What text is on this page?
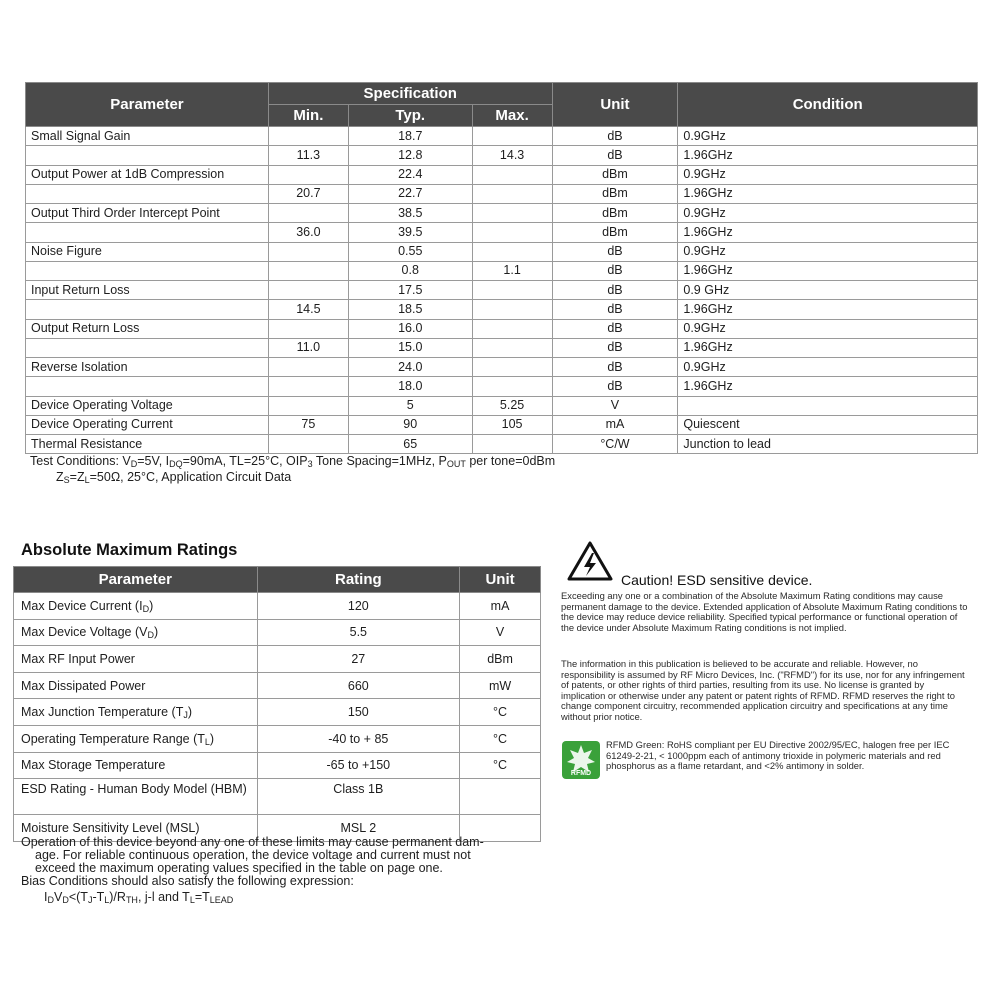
Parameter	Specification			Unit	Condition
	Min.	Typ.	Max.		
Small Signal Gain		18.7		dB	0.9GHz
	11.3	12.8	14.3	dB	1.96GHz
Output Power at 1dB Compression		22.4		dBm	0.9GHz
	20.7	22.7		dBm	1.96GHz
Output Third Order Intercept Point		38.5		dBm	0.9GHz
	36.0	39.5		dBm	1.96GHz
Noise Figure		0.55		dB	0.9GHz
		0.8	1.1	dB	1.96GHz
Input Return Loss		17.5		dB	0.9 GHz
	14.5	18.5		dB	1.96GHz
Output Return Loss		16.0		dB	0.9GHz
	11.0	15.0		dB	1.96GHz
Reverse Isolation		24.0		dB	0.9GHz
		18.0		dB	1.96GHz
Device Operating Voltage		5	5.25	V	
Device Operating Current	75	90	105	mA	Quiescent
Thermal Resistance		65		°C/W	Junction to lead
Test Conditions: $V_D=5V$, $I_{DQ}=90mA$, TL=25°C, $OIP_3$ Tone Spacing=1MHz, $P_{OUT}$ per tone=0dBm
$Z_S=Z_L=50\Omega$, 25°C, Application Circuit Data
Absolute Maximum Ratings
Parameter	Rating	Unit
Max Device Current $(I_D)$	120	mA
Max Device Voltage $(V_D)$	5.5	V
Max RF Input Power	27	dBm
Max Dissipated Power	660	mW
Max Junction Temperature $(T_J)$	150	°C
Operating Temperature Range $(T_L)$	-40 to + 85	°C
Max Storage Temperature	-65 to +150	°C
ESD Rating - Human Body Model (HBM)	Class 1B	
Moisture Sensitivity Level (MSL)	MSL 2	
Operation of this device beyond any one of these limits may cause permanent dam-
age. For reliable continuous operation, the device voltage and current must not
exceed the maximum operating values specified in the table on page one.
Bias Conditions should also satisfy the following expression:
$I_DV_D<(T_J-T_L)/R_{TH}$, j-l and $T_L=T_{LEAD}$
Caution! ESD sensitive device.
Exceeding any one or a combination of the Absolute Maximum Rating conditions may cause permanent damage to the device. Extended application of Absolute Maximum Rating conditions to the device may reduce device reliability. Specified typical performance or functional operation of the device under Absolute Maximum Rating conditions is not implied.
The information in this publication is believed to be accurate and reliable. However, no responsibility is assumed by RF Micro Devices, Inc. ("RFMD") for its use, nor for any infringement of patents, or other rights of third parties, resulting from its use. No license is granted by implication or otherwise under any patent or patent rights of RFMD. RFMD reserves the right to change component circuitry, recommended application circuitry and specifications at any time without prior notice.
RFMD
RFMD Green: RoHS compliant per EU Directive 2002/95/EC, halogen free per IEC 61249-2-21, < 1000ppm each of antimony trioxide in polymeric materials and red phosphorus as a flame retardant, and <2% antimony in solder.
